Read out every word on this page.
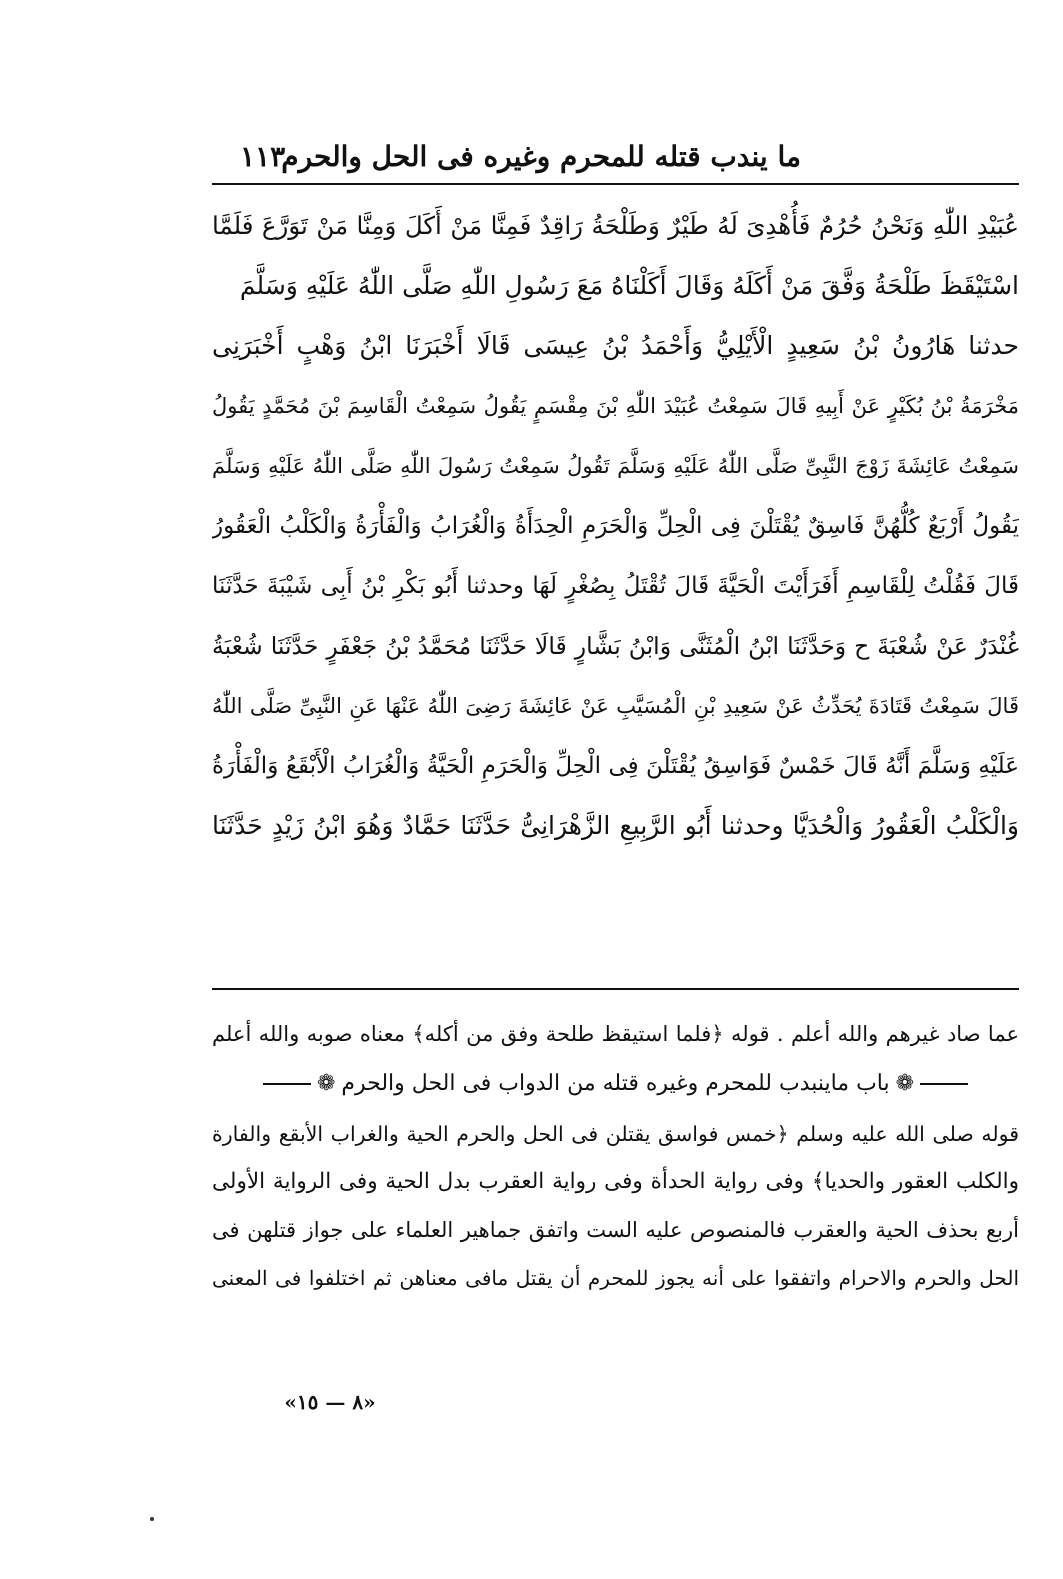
ما يندب قتله للمحرم وغيره فى الحل والحرم
١١٣
عُبَيْدِ اللّٰهِ وَنَحْنُ حُرُمٌ فَأُهْدِىَ لَهُ طَيْرٌ وَطَلْحَةُ رَاقِدٌ فَمِنَّا مَنْ أَكَلَ وَمِنَّا مَنْ تَوَرَّعَ فَلَمَّا
اسْتَيْقَظَ طَلْحَةُ وَفَّقَ مَنْ أَكَلَهُ وَقَالَ أَكَلْنَاهُ مَعَ رَسُولِ اللّٰهِ صَلَّى اللّٰهُ عَلَيْهِ وَسَلَّمَ
حدثنا هَارُونُ بْنُ سَعِيدٍ الْأَيْلِيُّ وَأَحْمَدُ بْنُ عِيسَى قَالَا أَخْبَرَنَا ابْنُ وَهْبٍ أَخْبَرَنِى
مَخْرَمَةُ بْنُ بُكَيْرٍ عَنْ أَبِيهِ قَالَ سَمِعْتُ عُبَيْدَ اللّٰهِ بْنَ مِقْسَمٍ يَقُولُ سَمِعْتُ الْقَاسِمَ بْنَ مُحَمَّدٍ يَقُولُ
سَمِعْتُ عَائِشَةَ زَوْجَ النَّبِىِّ صَلَّى اللّٰهُ عَلَيْهِ وَسَلَّمَ تَقُولُ سَمِعْتُ رَسُولَ اللّٰهِ صَلَّى اللّٰهُ عَلَيْهِ وَسَلَّمَ
يَقُولُ أَرْبَعٌ كُلُّهُنَّ فَاسِقٌ يُقْتَلْنَ فِى الْحِلِّ وَالْحَرَمِ الْحِدَأَةُ وَالْغُرَابُ وَالْفَأْرَةُ وَالْكَلْبُ الْعَقُورُ
قَالَ فَقُلْتُ لِلْقَاسِمِ أَفَرَأَيْتَ الْحَيَّةَ قَالَ تُقْتَلُ بِصُغْرٍ لَهَا وحدثنا أَبُو بَكْرِ بْنُ أَبِى شَيْبَةَ حَدَّثَنَا
غُنْدَرٌ عَنْ شُعْبَةَ ح وَحَدَّثَنَا ابْنُ الْمُثَنَّى وَابْنُ بَشَّارٍ قَالَا حَدَّثَنَا مُحَمَّدُ بْنُ جَعْفَرٍ حَدَّثَنَا شُعْبَةُ
قَالَ سَمِعْتُ قَتَادَةَ يُحَدِّثُ عَنْ سَعِيدِ بْنِ الْمُسَيَّبِ عَنْ عَائِشَةَ رَضِىَ اللّٰهُ عَنْهَا عَنِ النَّبِىِّ صَلَّى اللّٰهُ
عَلَيْهِ وَسَلَّمَ أَنَّهُ قَالَ خَمْسٌ فَوَاسِقُ يُقْتَلْنَ فِى الْحِلِّ وَالْحَرَمِ الْحَيَّةُ وَالْغُرَابُ الْأَبْقَعُ وَالْفَأْرَةُ
وَالْكَلْبُ الْعَقُورُ وَالْحُدَيَّا وحدثنا أَبُو الرَّبِيعِ الزَّهْرَانِىُّ حَدَّثَنَا حَمَّادٌ وَهُوَ ابْنُ زَيْدٍ حَدَّثَنَا
عما صاد غيرهم والله أعلم . قوله ﴿فلما استيقظ طلحة وفق من أكله﴾ معناه صوبه والله أعلم
❁
باب ماينبدب للمحرم وغيره قتله من الدواب فى الحل والحرم
❁
قوله صلى الله عليه وسلم ﴿خمس فواسق يقتلن فى الحل والحرم الحية والغراب الأبقع والفارة
والكلب العقور والحديا﴾ وفى رواية الحدأة وفى رواية العقرب بدل الحية وفى الرواية الأولى
أربع بحذف الحية والعقرب فالمنصوص عليه الست واتفق جماهير العلماء على جواز قتلهن فى
الحل والحرم والاحرام واتفقوا على أنه يجوز للمحرم أن يقتل مافى معناهن ثم اختلفوا فى المعنى
«٨ — ١٥»
